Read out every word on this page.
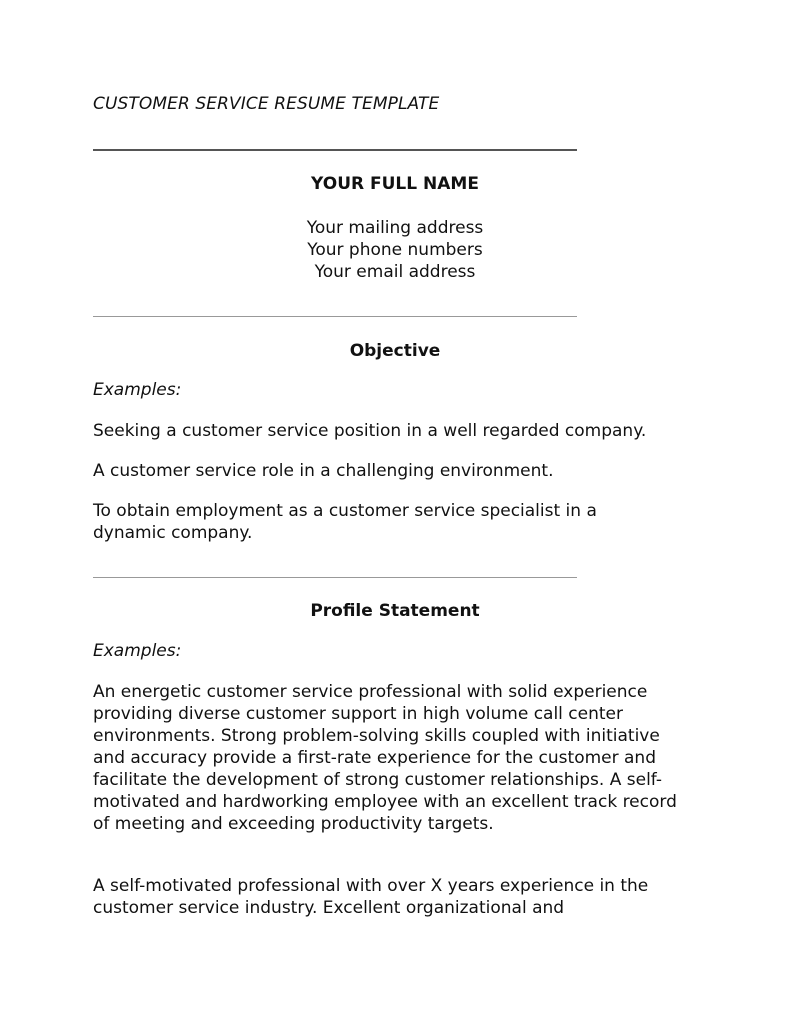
CUSTOMER SERVICE RESUME TEMPLATE
YOUR FULL NAME
Your mailing address
Your phone numbers
Your email address
Objective
Examples:
Seeking a customer service position in a well regarded company.
A customer service role in a challenging environment.
To obtain employment as a customer service specialist in a dynamic company.
Profile Statement
Examples:
An energetic customer service professional with solid experience providing diverse customer support in high volume call center environments. Strong problem-solving skills coupled with initiative and accuracy provide a first-rate experience for the customer and facilitate the development of strong customer relationships. A self-motivated and hardworking employee with an excellent track record of meeting and exceeding productivity targets.
A self-motivated professional with over X years experience in the customer service industry. Excellent organizational and
